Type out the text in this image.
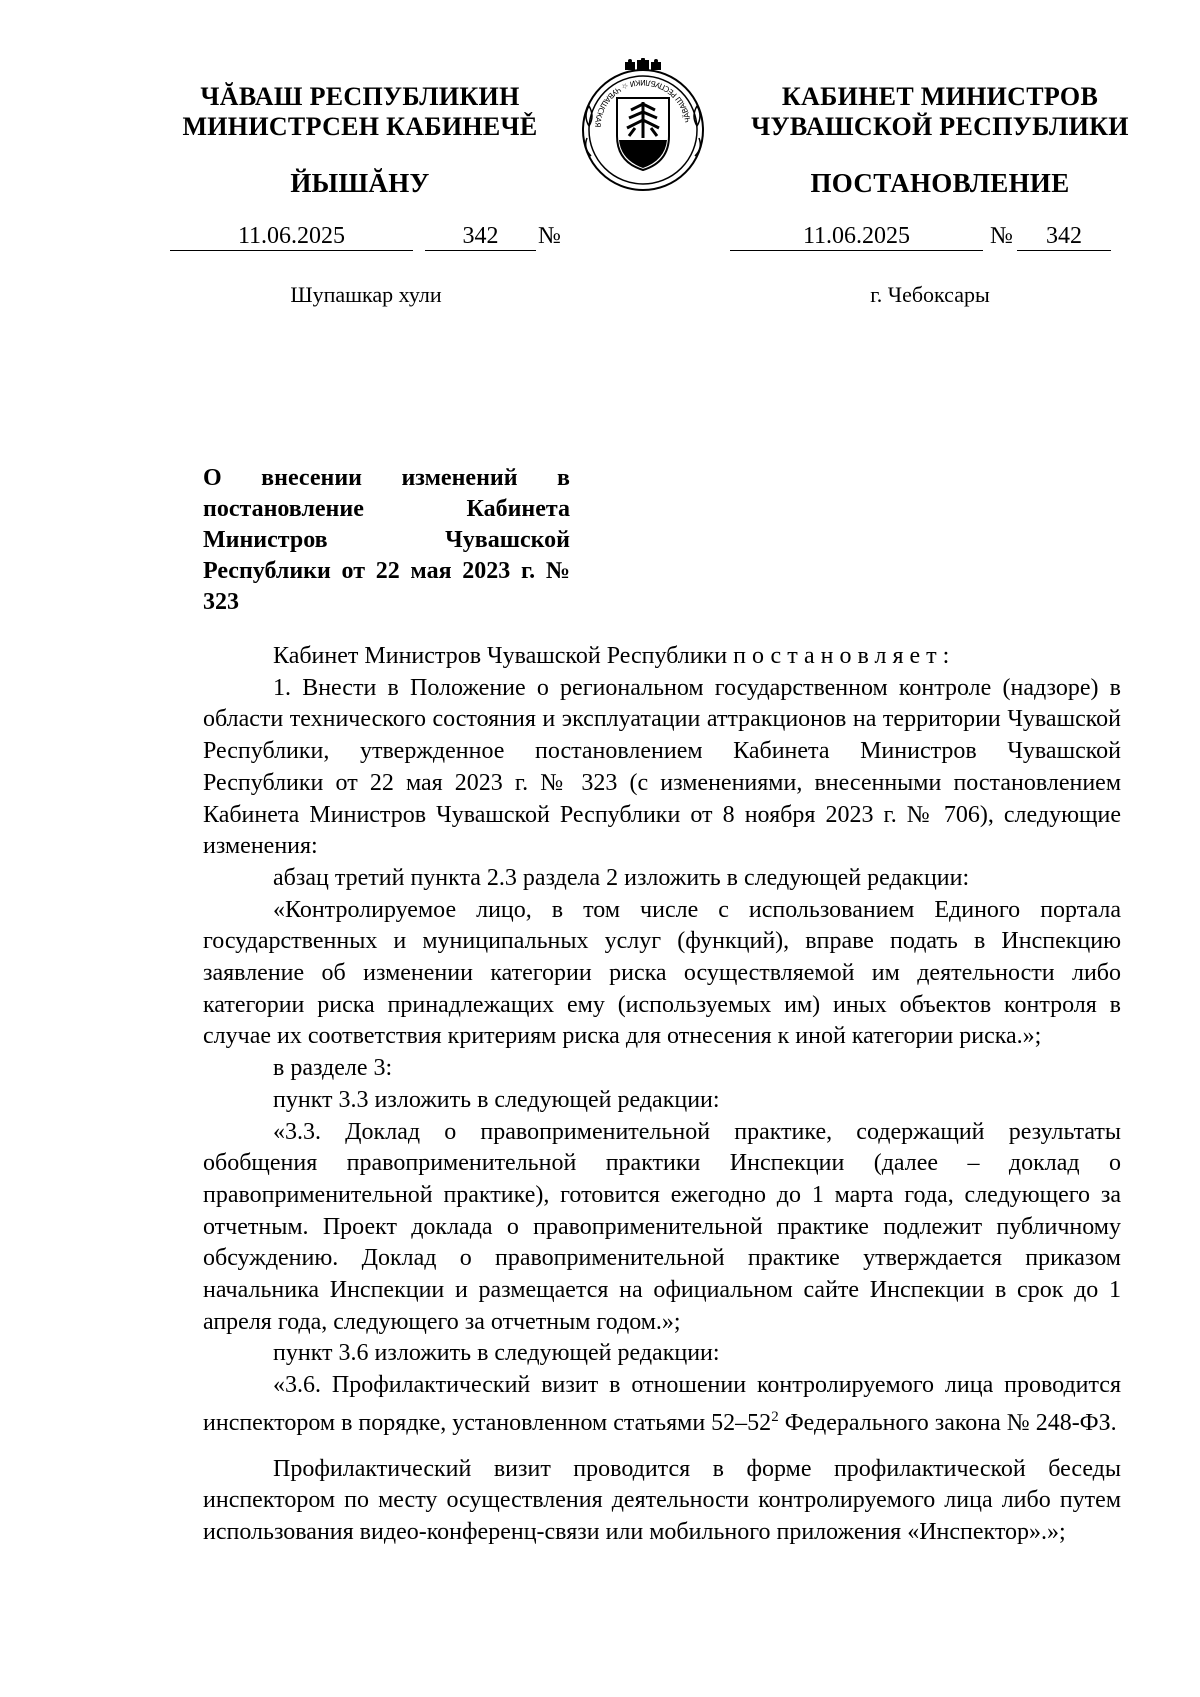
ЧĂВАШ РЕСПУБЛИКИН
МИНИСТРСЕН КАБИНЕЧĚ
ЙЫШĂНУ
КАБИНЕТ МИНИСТРОВ
ЧУВАШСКОЙ РЕСПУБЛИКИ
ПОСТАНОВЛЕНИЕ
ЧĂВАШ РЕСПУБЛИКИ ☆ ЧУВАШСКАЯ
11.06.2025	342	№	11.06.2025	№	342
Шупашкар хули	г. Чебоксары
О внесении изменений в постановление Кабинета Министров Чувашской Республики от 22 мая 2023 г. № 323

Кабинет Министров Чувашской Республики постановляет:

1. Внести в Положение о региональном государственном контроле (надзоре) в области технического состояния и эксплуатации аттракционов на территории Чувашской Республики, утвержденное постановлением Кабинета Министров Чувашской Республики от 22 мая 2023 г. № 323 (с изменениями, внесенными постановлением Кабинета Министров Чувашской Республики от 8 ноября 2023 г. № 706), следующие изменения:

абзац третий пункта 2.3 раздела 2 изложить в следующей редакции:

«Контролируемое лицо, в том числе с использованием Единого портала государственных и муниципальных услуг (функций), вправе подать в Инспекцию заявление об изменении категории риска осуществляемой им деятельности либо категории риска принадлежащих ему (используемых им) иных объектов контроля в случае их соответствия критериям риска для отнесения к иной категории риска.»;

в разделе 3:

пункт 3.3 изложить в следующей редакции:

«3.3. Доклад о правоприменительной практике, содержащий результаты обобщения правоприменительной практики Инспекции (далее – доклад о правоприменительной практике), готовится ежегодно до 1 марта года, следующего за отчетным. Проект доклада о правоприменительной практике подлежит публичному обсуждению. Доклад о правоприменительной практике утверждается приказом начальника Инспекции и размещается на официальном сайте Инспекции в срок до 1 апреля года, следующего за отчетным годом.»;

пункт 3.6 изложить в следующей редакции:

«3.6. Профилактический визит в отношении контролируемого лица проводится инспектором в порядке, установленном статьями $52-52^2$ Федерального закона № 248-ФЗ.

Профилактический визит проводится в форме профилактической беседы инспектором по месту осуществления деятельности контролируемого лица либо путем использования видео-конференц-связи или мобильного приложения «Инспектор».»;
